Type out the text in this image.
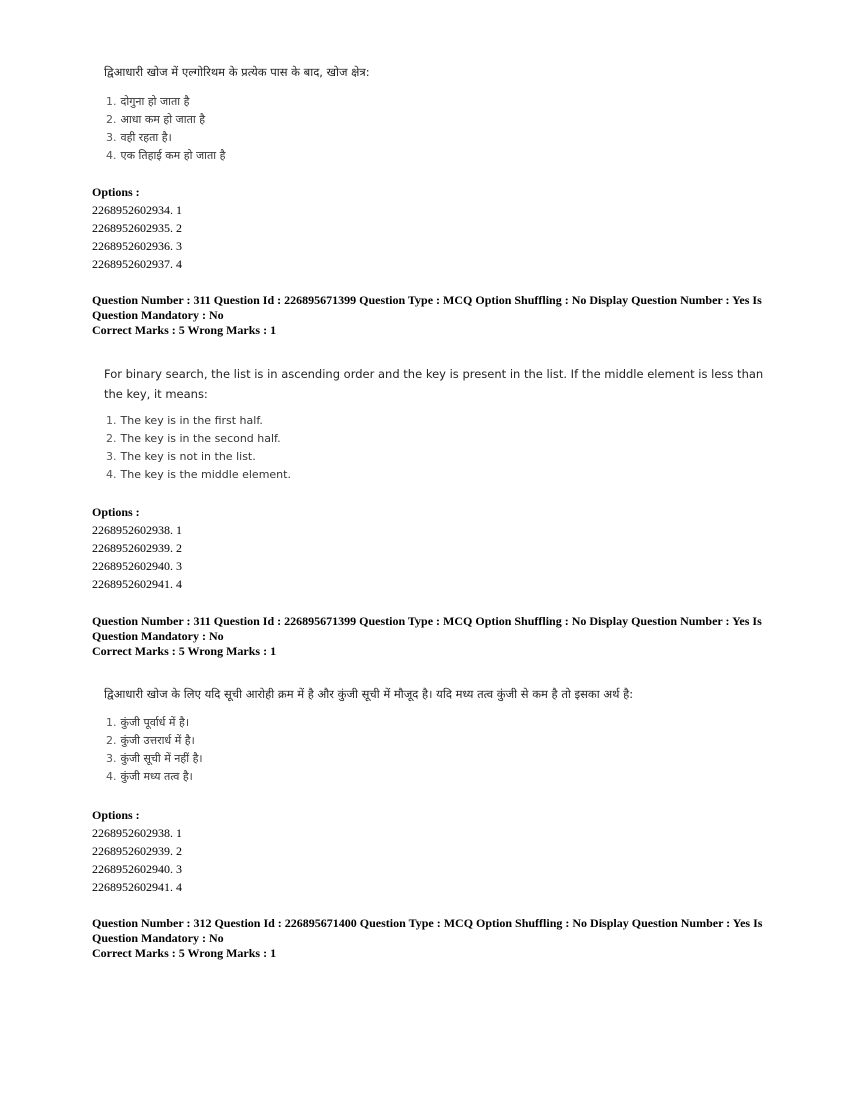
द्विआधारी खोज में एल्गोरिथम के प्रत्येक पास के बाद, खोज क्षेत्र:
1. दोगुना हो जाता है
2. आधा कम हो जाता है
3. वही रहता है।
4. एक तिहाई कम हो जाता है
Options :
2268952602934. 1
2268952602935. 2
2268952602936. 3
2268952602937. 4

Question Number : 311 Question Id : 226895671399 Question Type : MCQ Option Shuffling : No Display Question Number : Yes Is Question Mandatory : No

Correct Marks : 5 Wrong Marks : 1

For binary search, the list is in ascending order and the key is present in the list. If the middle element is less than the key, it means:
1. The key is in the first half.
2. The key is in the second half.
3. The key is not in the list.
4. The key is the middle element.
Options :
2268952602938. 1
2268952602939. 2
2268952602940. 3
2268952602941. 4

Question Number : 311 Question Id : 226895671399 Question Type : MCQ Option Shuffling : No Display Question Number : Yes Is Question Mandatory : No

Correct Marks : 5 Wrong Marks : 1

द्विआधारी खोज के लिए यदि सूची आरोही क्रम में है और कुंजी सूची में मौजूद है। यदि मध्य तत्व कुंजी से कम है तो इसका अर्थ है:
1. कुंजी पूर्वार्ध में है।
2. कुंजी उत्तरार्ध में है।
3. कुंजी सूची में नहीं है।
4. कुंजी मध्य तत्व है।
Options :
2268952602938. 1
2268952602939. 2
2268952602940. 3
2268952602941. 4

Question Number : 312 Question Id : 226895671400 Question Type : MCQ Option Shuffling : No Display Question Number : Yes Is Question Mandatory : No

Correct Marks : 5 Wrong Marks : 1
